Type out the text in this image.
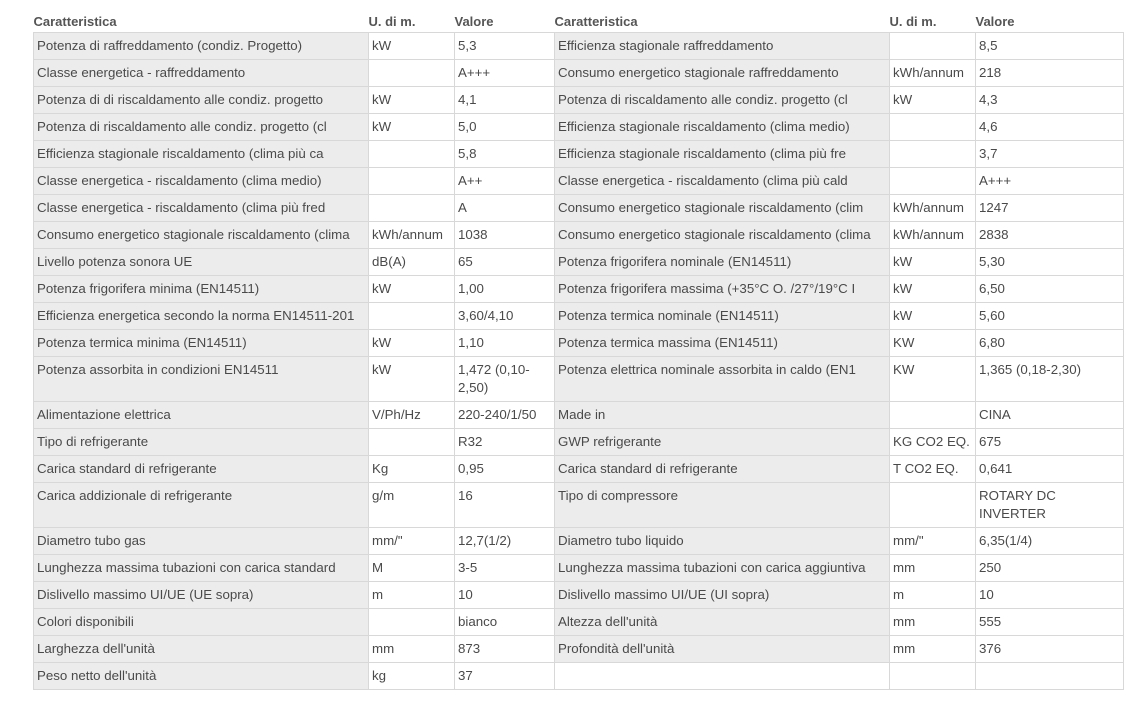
Caratteristica	U. di m.	Valore	Caratteristica	U. di m.	Valore
Potenza di raffreddamento (condiz. Progetto)	kW	5,3	Efficienza stagionale raffreddamento		8,5
Classe energetica - raffreddamento		A+++	Consumo energetico stagionale raffreddamento	kWh/annum	218
Potenza di di riscaldamento alle condiz. progetto	kW	4,1	Potenza di riscaldamento alle condiz. progetto (cl	kW	4,3
Potenza di riscaldamento alle condiz. progetto (cl	kW	5,0	Efficienza stagionale riscaldamento (clima medio)		4,6
Efficienza stagionale riscaldamento (clima più ca		5,8	Efficienza stagionale riscaldamento (clima più fre		3,7
Classe energetica - riscaldamento (clima medio)		A++	Classe energetica - riscaldamento (clima più cald		A+++
Classe energetica - riscaldamento (clima più fred		A	Consumo energetico stagionale riscaldamento (clim	kWh/annum	1247
Consumo energetico stagionale riscaldamento (clima	kWh/annum	1038	Consumo energetico stagionale riscaldamento (clima	kWh/annum	2838
Livello potenza sonora UE	dB(A)	65	Potenza frigorifera nominale (EN14511)	kW	5,30
Potenza frigorifera minima (EN14511)	kW	1,00	Potenza frigorifera massima (+35°C O. /27°/19°C I	kW	6,50
Efficienza energetica secondo la norma EN14511-201		3,60/4,10	Potenza termica nominale (EN14511)	kW	5,60
Potenza termica minima (EN14511)	kW	1,10	Potenza termica massima (EN14511)	KW	6,80
Potenza assorbita in condizioni EN14511	kW	1,472 (0,10-2,50)	Potenza elettrica nominale assorbita in caldo (EN1	KW	1,365 (0,18-2,30)
Alimentazione elettrica	V/Ph/Hz	220-240/1/50	Made in		CINA
Tipo di refrigerante		R32	GWP refrigerante	KG CO2 EQ.	675
Carica standard di refrigerante	Kg	0,95	Carica standard di refrigerante	T CO2 EQ.	0,641
Carica addizionale di refrigerante	g/m	16	Tipo di compressore		ROTARY DC INVERTER
Diametro tubo gas	mm/"	12,7(1/2)	Diametro tubo liquido	mm/"	6,35(1/4)
Lunghezza massima tubazioni con carica standard	M	3-5	Lunghezza massima tubazioni con carica aggiuntiva	mm	250
Dislivello massimo UI/UE (UE sopra)	m	10	Dislivello massimo UI/UE (UI sopra)	m	10
Colori disponibili		bianco	Altezza dell'unità	mm	555
Larghezza dell'unità	mm	873	Profondità dell'unità	mm	376
Peso netto dell'unità	kg	37			
